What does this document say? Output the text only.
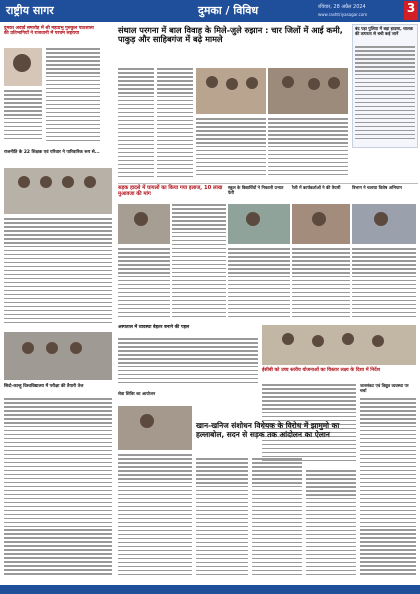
राष्ट्रीय सागर	दुमका / विविध	रविवार, 28 अप्रैल 2024
www.rashtriyasagar.com	3
दुमका अवार्ड समारोह में श्री महाप्रभु गुरुकुल पाठशाला की प्रतिभागियों ने राजधानी में परचम लहराया	संथाल परगना में बाल विवाह के मिले-जुले रुझान : चार जिलों में आई कमी, पाकुड़ और साहिबगंज में बढ़े मामले
बंद पड़ा पुलिया में बड़ा हादसा, चालक की तत्परता से बची कई जानें
सड़क हादसे में घायलों का किया गया इलाज, 10 लाख मुआवजा की मांग
स्कूल के विद्यार्थियों ने निकाली प्रभात फेरी
रैली में कार्यकर्ताओं ने की तैयारी	विभाग ने चलाया विशेष अभियान
राजनीति के 22 शिक्षक एवं परिवार ने पारिवारिक रूप से...
अस्पताल में व्यवस्था बेहतर बनाने की पहल
ईसीबी को उच्च स्तरीय योजनाओं का विस्तार लक्ष्य के दिशा में निर्देश
जलसंकट एवं विद्युत व्यवस्था पर चर्चा
सिदो-कान्हू विश्वविद्यालय में परीक्षा की तैयारी तेज
खान-खनिज संशोधन विधेयक के विरोध में झामुमो का हल्लाबोल, सदन से सड़क तक आंदोलन का ऐलान
सेवा शिविर का आयोजन
